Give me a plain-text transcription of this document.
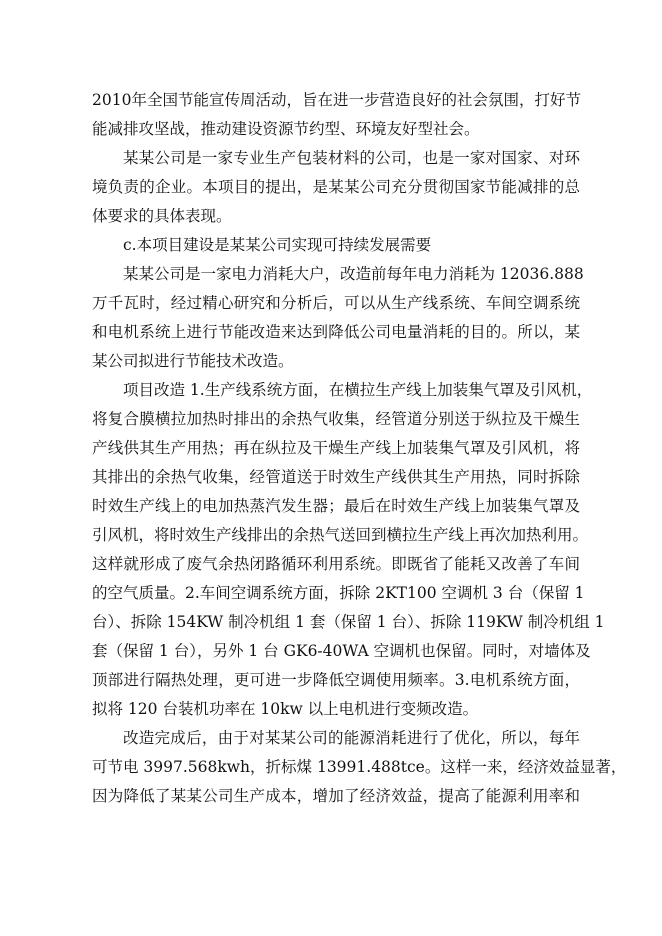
2010年全国节能宣传周活动，旨在进一步营造良好的社会氛围，打好节
能减排攻坚战，推动建设资源节约型、环境友好型社会。
某某公司是一家专业生产包装材料的公司，也是一家对国家、对环
境负责的企业。本项目的提出，是某某公司充分贯彻国家节能减排的总
体要求的具体表现。
c.本项目建设是某某公司实现可持续发展需要
某某公司是一家电力消耗大户，改造前每年电力消耗为 12036.888
万千瓦时，经过精心研究和分析后，可以从生产线系统、车间空调系统
和电机系统上进行节能改造来达到降低公司电量消耗的目的。所以，某
某公司拟进行节能技术改造。
项目改造 1.生产线系统方面，在横拉生产线上加装集气罩及引风机，
将复合膜横拉加热时排出的余热气收集，经管道分别送于纵拉及干燥生
产线供其生产用热；再在纵拉及干燥生产线上加装集气罩及引风机，将
其排出的余热气收集，经管道送于时效生产线供其生产用热，同时拆除
时效生产线上的电加热蒸汽发生器；最后在时效生产线上加装集气罩及
引风机，将时效生产线排出的余热气送回到横拉生产线上再次加热利用。
这样就形成了废气余热闭路循环利用系统。即既省了能耗又改善了车间
的空气质量。2.车间空调系统方面，拆除 2KT100 空调机 3 台（保留 1
台）、拆除 154KW 制冷机组 1 套（保留 1 台）、拆除 119KW 制冷机组 1
套（保留 1 台），另外 1 台 GK6-40WA 空调机也保留。同时，对墙体及
顶部进行隔热处理，更可进一步降低空调使用频率。3.电机系统方面，
拟将 120 台装机功率在 10kw 以上电机进行变频改造。
改造完成后，由于对某某公司的能源消耗进行了优化，所以，每年
可节电 3997.568kwh，折标煤 13991.488tce。这样一来，经济效益显著，
因为降低了某某公司生产成本，增加了经济效益，提高了能源利用率和
